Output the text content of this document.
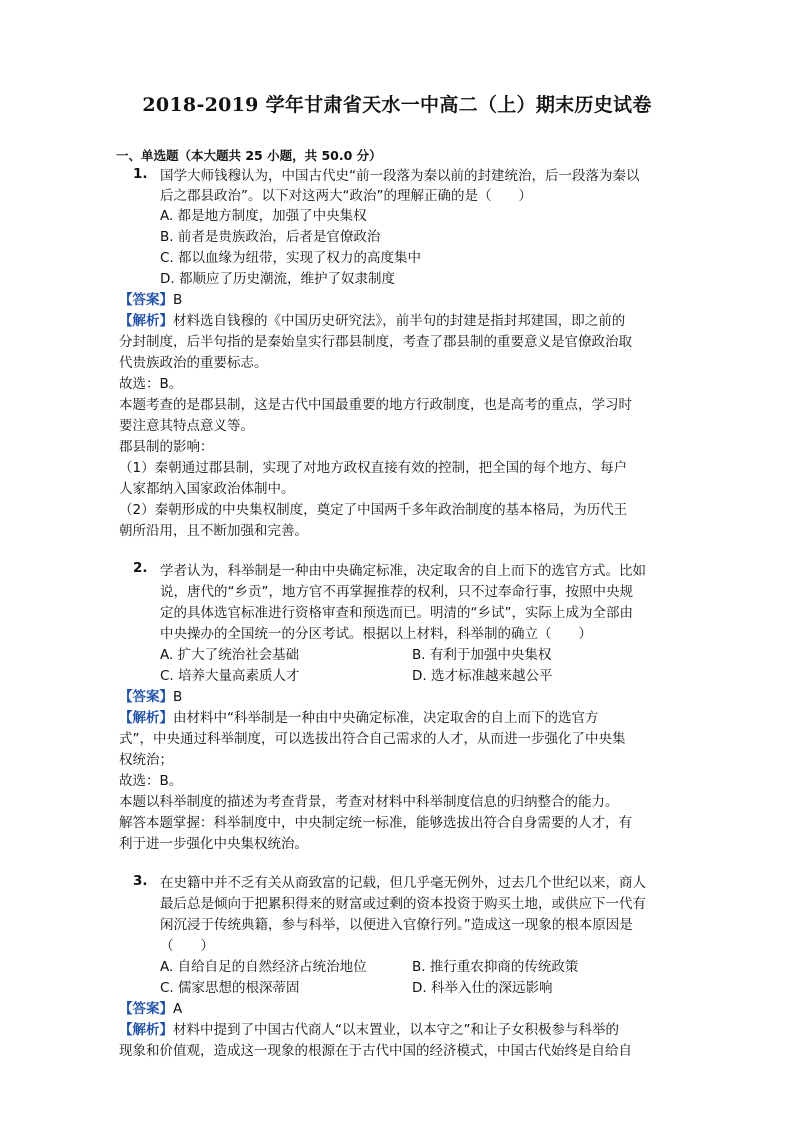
2018-2019 学年甘肃省天水一中高二（上）期末历史试卷
一、单选题（本大题共 25 小题，共 50.0 分）
1. 国学大师钱穆认为，中国古代史“前一段落为秦以前的封建统治，后一段落为秦以
后之郡县政治”。以下对这两大“政治”的理解正确的是（　　）
A. 都是地方制度，加强了中央集权
B. 前者是贵族政治，后者是官僚政治
C. 都以血缘为纽带，实现了权力的高度集中
D. 都顺应了历史潮流，维护了奴隶制度
【答案】B
【解析】材料选自钱穆的《中国历史研究法》，前半句的封建是指封邦建国，即之前的
分封制度，后半句指的是秦始皇实行郡县制度，考查了郡县制的重要意义是官僚政治取
代贵族政治的重要标志。
故选：B。
本题考查的是郡县制，这是古代中国最重要的地方行政制度，也是高考的重点，学习时
要注意其特点意义等。
郡县制的影响：
（1）秦朝通过郡县制，实现了对地方政权直接有效的控制，把全国的每个地方、每户
人家都纳入国家政治体制中。
（2）秦朝形成的中央集权制度，奠定了中国两千多年政治制度的基本格局，为历代王
朝所沿用，且不断加强和完善。
2. 学者认为，科举制是一种由中央确定标准，决定取舍的自上而下的选官方式。比如
说，唐代的“乡贡”，地方官不再掌握推荐的权利，只不过奉命行事，按照中央规
定的具体选官标准进行资格审查和预选而已。明清的“乡试”，实际上成为全部由
中央操办的全国统一的分区考试。根据以上材料，科举制的确立（　　）
A. 扩大了统治社会基础	B. 有利于加强中央集权
C. 培养大量高素质人才	D. 选才标准越来越公平
【答案】B
【解析】由材料中“科举制是一种由中央确定标准，决定取舍的自上而下的选官方
式”，中央通过科举制度，可以选拔出符合自己需求的人才，从而进一步强化了中央集
权统治；
故选：B。
本题以科举制度的描述为考查背景，考查对材料中科举制度信息的归纳整合的能力。
解答本题掌握：科举制度中，中央制定统一标准，能够选拔出符合自身需要的人才，有
利于进一步强化中央集权统治。
3. 在史籍中并不乏有关从商致富的记载，但几乎毫无例外，过去几个世纪以来，商人
最后总是倾向于把累积得来的财富或过剩的资本投资于购买土地，或供应下一代有
闲沉浸于传统典籍，参与科举，以便进入官僚行列。”造成这一现象的根本原因是
（　　）
A. 自给自足的自然经济占统治地位	B. 推行重农抑商的传统政策
C. 儒家思想的根深蒂固	D. 科举入仕的深远影响
【答案】A
【解析】材料中提到了中国古代商人“以末置业，以本守之”和让子女积极参与科举的
现象和价值观，造成这一现象的根源在于古代中国的经济模式，中国古代始终是自给自
